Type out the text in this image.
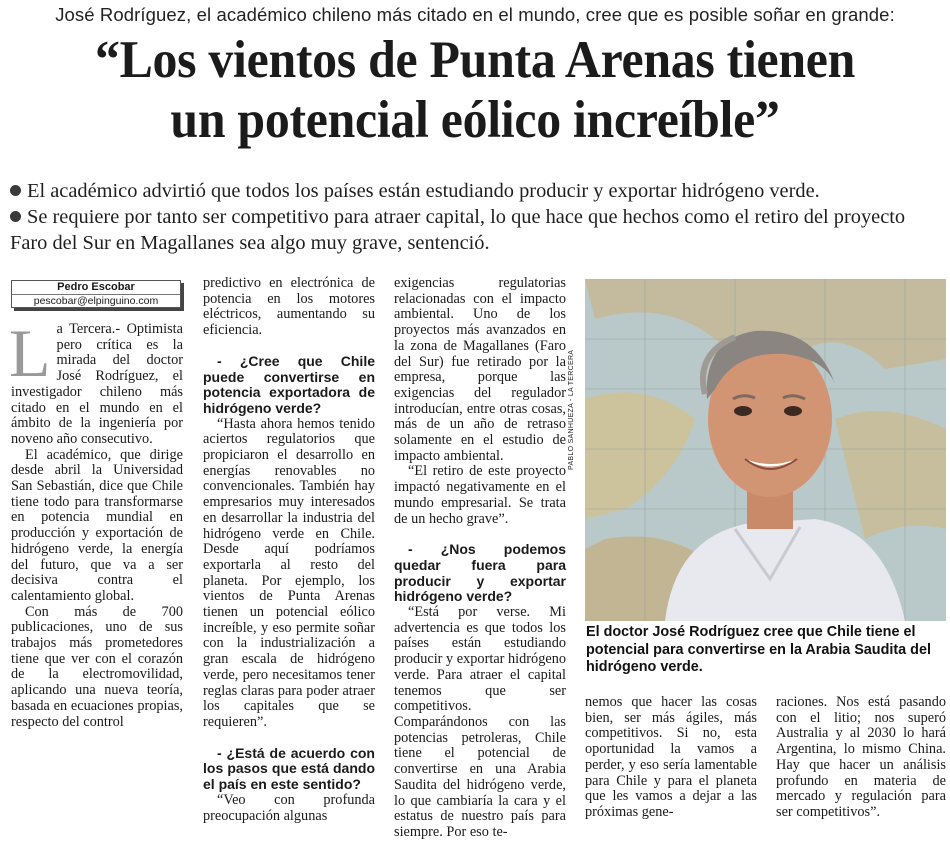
José Rodríguez, el académico chileno más citado en el mundo, cree que es posible soñar en grande:
“Los vientos de Punta Arenas tienen
un potencial eólico increíble”
El académico advirtió que todos los países están estudiando producir y exportar hidrógeno verde.
Se requiere por tanto ser competitivo para atraer capital, lo que hace que hechos como el retiro del proyecto Faro del Sur en Magallanes sea algo muy grave, sentenció.
Pedro Escobar
pescobar@elpinguino.com
L a Tercera.- Optimista pero crítica es la mirada del doctor José Rodríguez, el investigador chileno más citado en el mundo en el ámbito de la ingeniería por noveno año consecutivo.

El académico, que dirige desde abril la Universidad San Sebastián, dice que Chile tiene todo para transformarse en potencia mundial en producción y exportación de hidrógeno verde, la energía del futuro, que va a ser decisiva contra el calentamiento global.

Con más de 700 publicaciones, uno de sus trabajos más prometedores tiene que ver con el corazón de la electromovilidad, aplicando una nueva teoría, basada en ecuaciones propias, respecto del control

predictivo en electrónica de potencia en los motores eléctricos, aumentando su eficiencia.

- ¿Cree que Chile puede convertirse en potencia exportadora de hidrógeno verde?

“Hasta ahora hemos tenido aciertos regulatorios que propiciaron el desarrollo en energías renovables no convencionales. También hay empresarios muy interesados en desarrollar la industria del hidrógeno verde en Chile. Desde aquí podríamos exportarla al resto del planeta. Por ejemplo, los vientos de Punta Arenas tienen un potencial eólico increíble, y eso permite soñar con la industrialización a gran escala de hidrógeno verde, pero necesitamos tener reglas claras para poder atraer los capitales que se requieren”.

- ¿Está de acuerdo con los pasos que está dando el país en este sentido?

“Veo con profunda preocupación algunas

exigencias regulatorias relacionadas con el impacto ambiental. Uno de los proyectos más avanzados en la zona de Magallanes (Faro del Sur) fue retirado por la empresa, porque las exigencias del regulador introducían, entre otras cosas, más de un año de retraso solamente en el estudio de impacto ambiental.

“El retiro de este proyecto impactó negativamente en el mundo empresarial. Se trata de un hecho grave”.

- ¿Nos podemos quedar fuera para producir y exportar hidrógeno verde?

“Está por verse. Mi advertencia es que todos los países están estudiando producir y exportar hidrógeno verde. Para atraer el capital tenemos que ser competitivos. Comparándonos con las potencias petroleras, Chile tiene el potencial de convertirse en una Arabia Saudita del hidrógeno verde, lo que cambiaría la cara y el estatus de nuestro país para siempre. Por eso te-

PABLO SANHUEZA - LA TERCERA
El doctor José Rodríguez cree que Chile tiene el potencial para convertirse en la Arabia Saudita del hidrógeno verde.

nemos que hacer las cosas bien, ser más ágiles, más competitivos. Si no, esta oportunidad la vamos a perder, y eso sería lamentable para Chile y para el planeta que les vamos a dejar a las próximas gene-

raciones. Nos está pasando con el litio; nos superó Australia y al 2030 lo hará Argentina, lo mismo China. Hay que hacer un análisis profundo en materia de mercado y regulación para ser competitivos”.
